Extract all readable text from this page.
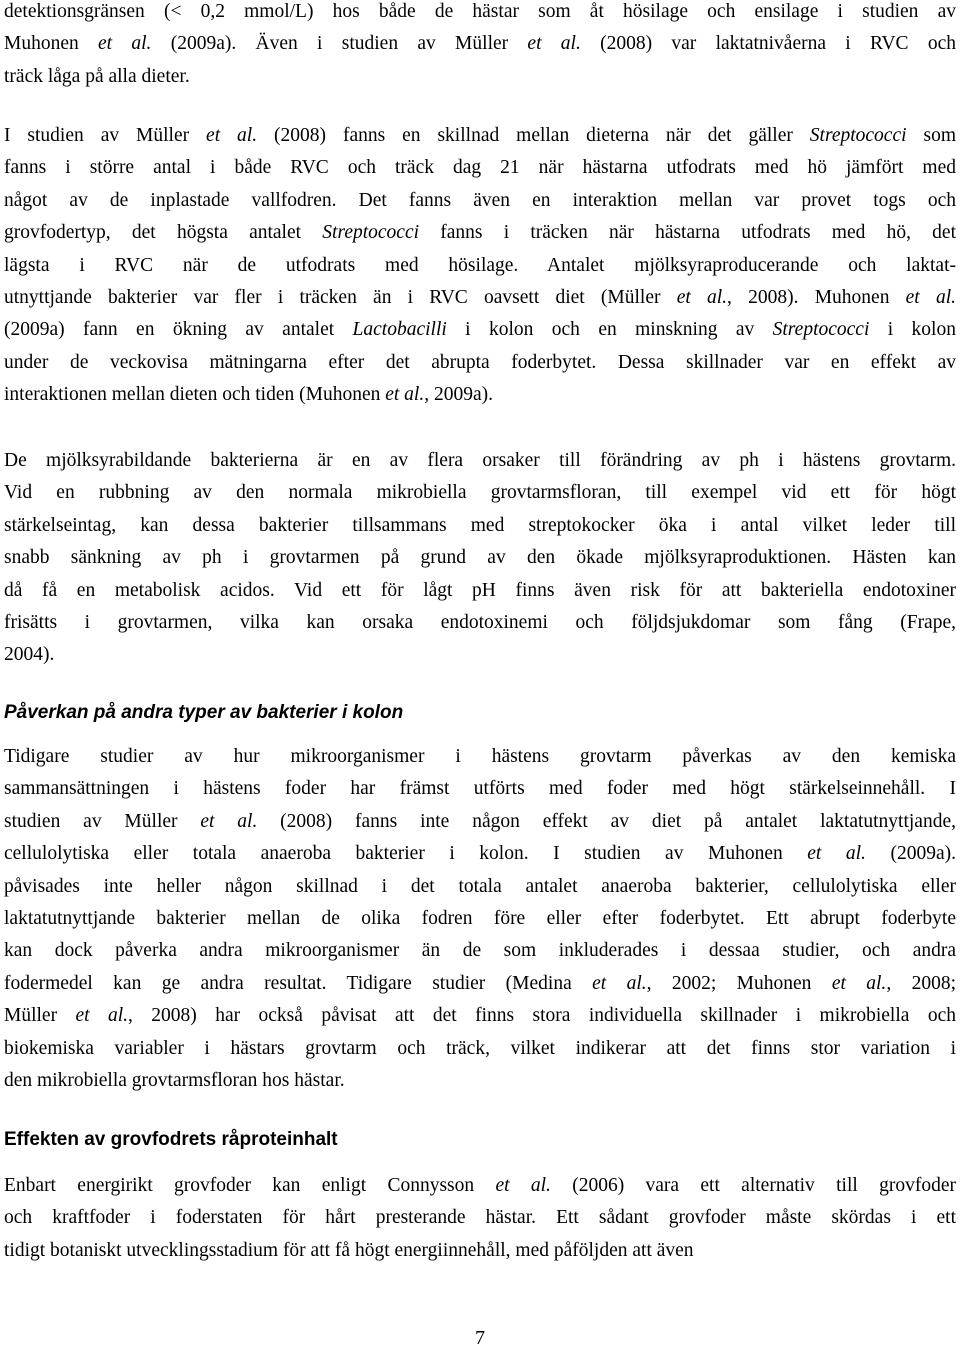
detektionsgränsen (< 0,2 mmol/L) hos både de hästar som åt hösilage och ensilage i studien av
Muhonen et al. (2009a). Även i studien av Müller et al. (2008) var laktatnivåerna i RVC och
träck låga på alla dieter.
I studien av Müller et al. (2008) fanns en skillnad mellan dieterna när det gäller Streptococci som
fanns i större antal i både RVC och träck dag 21 när hästarna utfodrats med hö jämfört med
något av de inplastade vallfodren. Det fanns även en interaktion mellan var provet togs och
grovfodertyp, det högsta antalet Streptococci fanns i träcken när hästarna utfodrats med hö, det
lägsta i RVC när de utfodrats med hösilage. Antalet mjölksyraproducerande och laktat-
utnyttjande bakterier var fler i träcken än i RVC oavsett diet (Müller et al., 2008). Muhonen et al.
(2009a) fann en ökning av antalet Lactobacilli i kolon och en minskning av Streptococci i kolon
under de veckovisa mätningarna efter det abrupta foderbytet. Dessa skillnader var en effekt av
interaktionen mellan dieten och tiden (Muhonen et al., 2009a).
De mjölksyrabildande bakterierna är en av flera orsaker till förändring av ph i hästens grovtarm.
Vid en rubbning av den normala mikrobiella grovtarmsfloran, till exempel vid ett för högt
stärkelseintag, kan dessa bakterier tillsammans med streptokocker öka i antal vilket leder till
snabb sänkning av ph i grovtarmen på grund av den ökade mjölksyraproduktionen. Hästen kan
då få en metabolisk acidos. Vid ett för lågt pH finns även risk för att bakteriella endotoxiner
frisätts i grovtarmen, vilka kan orsaka endotoxinemi och följdsjukdomar som fång (Frape,
2004).
Påverkan på andra typer av bakterier i kolon
Tidigare studier av hur mikroorganismer i hästens grovtarm påverkas av den kemiska
sammansättningen i hästens foder har främst utförts med foder med högt stärkelseinnehåll. I
studien av Müller et al. (2008) fanns inte någon effekt av diet på antalet laktatutnyttjande,
cellulolytiska eller totala anaeroba bakterier i kolon. I studien av Muhonen et al. (2009a).
påvisades inte heller någon skillnad i det totala antalet anaeroba bakterier, cellulolytiska eller
laktatutnyttjande bakterier mellan de olika fodren före eller efter foderbytet. Ett abrupt foderbyte
kan dock påverka andra mikroorganismer än de som inkluderades i dessaa studier, och andra
fodermedel kan ge andra resultat. Tidigare studier (Medina et al., 2002; Muhonen et al., 2008;
Müller et al., 2008) har också påvisat att det finns stora individuella skillnader i mikrobiella och
biokemiska variabler i hästars grovtarm och träck, vilket indikerar att det finns stor variation i
den mikrobiella grovtarmsfloran hos hästar.
Effekten av grovfodrets råproteinhalt
Enbart energirikt grovfoder kan enligt Connysson et al. (2006) vara ett alternativ till grovfoder
och kraftfoder i foderstaten för hårt presterande hästar. Ett sådant grovfoder måste skördas i ett
tidigt botaniskt utvecklingsstadium för att få högt energiinnehåll, med påföljden att även
7
